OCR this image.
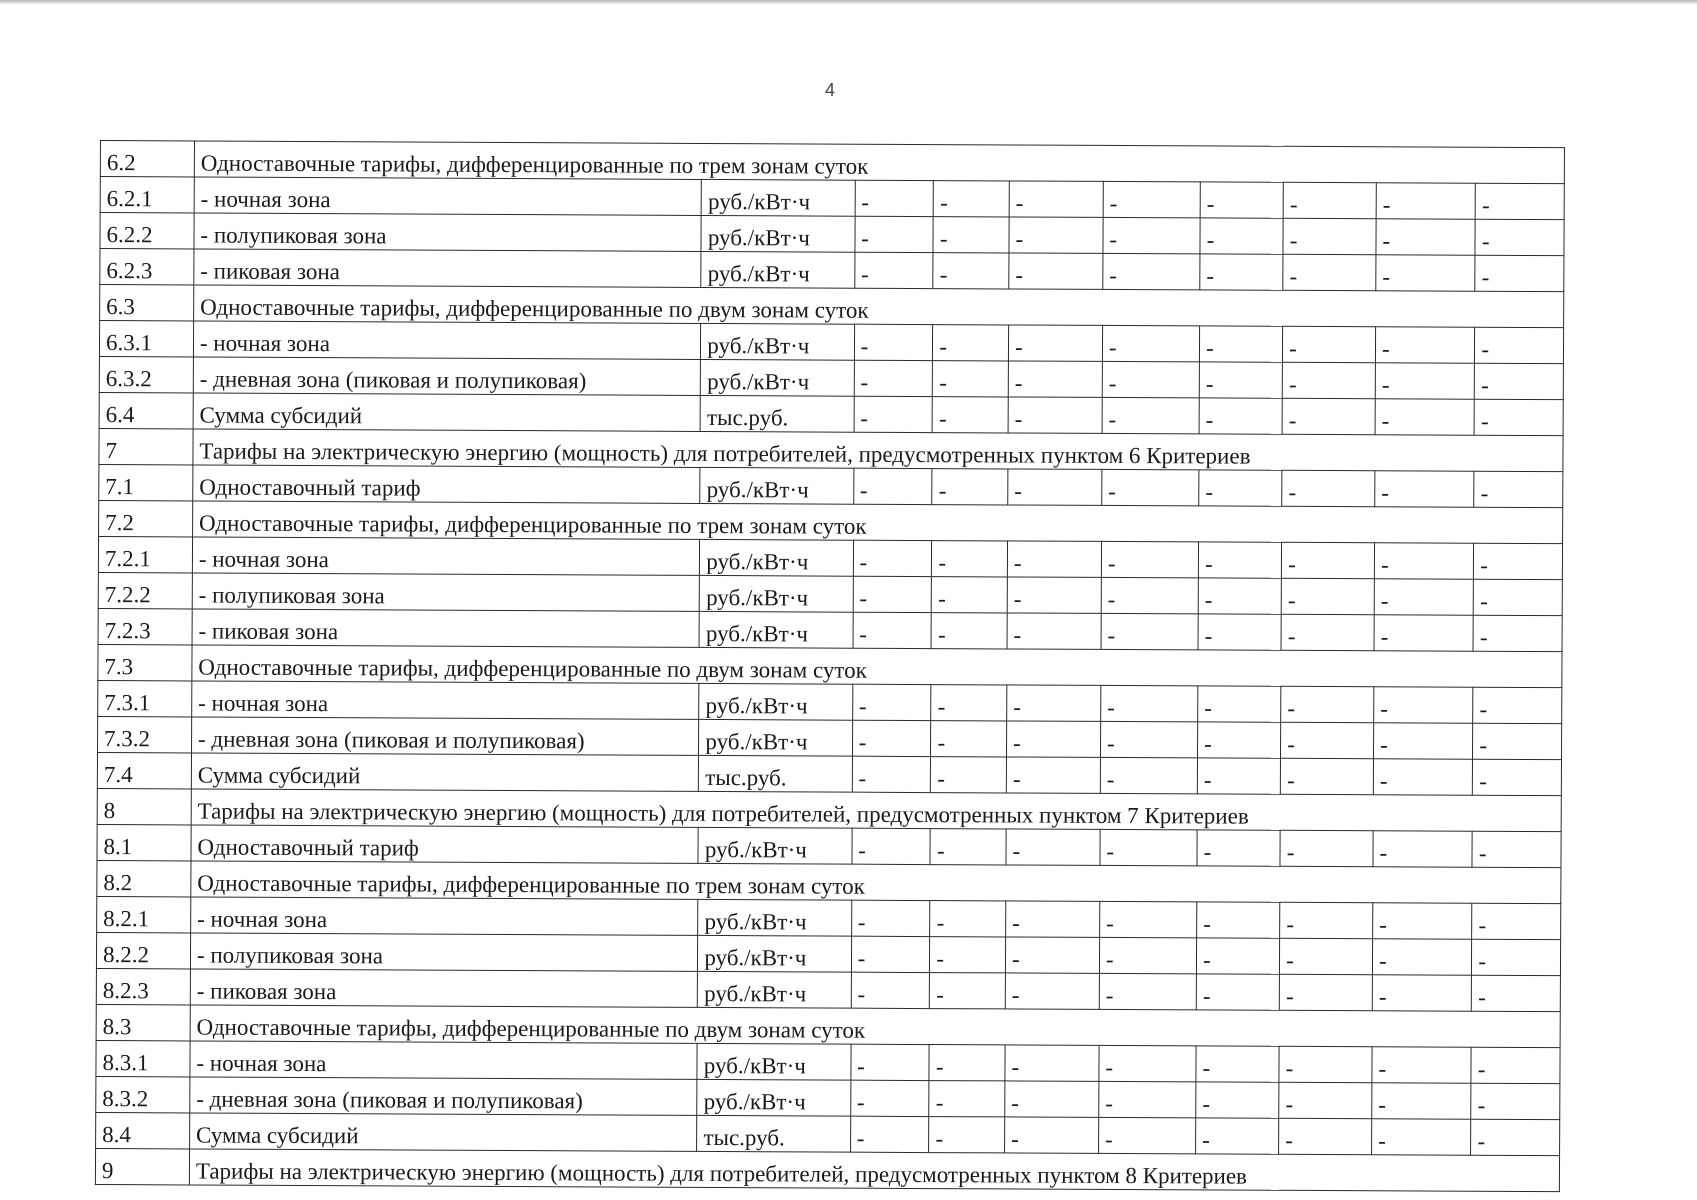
4
6.2	Одноставочные тарифы, дифференцированные по трем зонам суток									
6.2.1	- ночная зона	руб./кВт·ч	-	-	-	-	-	-	-	-
6.2.2	- полупиковая зона	руб./кВт·ч	-	-	-	-	-	-	-	-
6.2.3	- пиковая зона	руб./кВт·ч	-	-	-	-	-	-	-	-
6.3	Одноставочные тарифы, дифференцированные по двум зонам суток									
6.3.1	- ночная зона	руб./кВт·ч	-	-	-	-	-	-	-	-
6.3.2	- дневная зона (пиковая и полупиковая)	руб./кВт·ч	-	-	-	-	-	-	-	-
6.4	Сумма субсидий	тыс.руб.	-	-	-	-	-	-	-	-
7	Тарифы на электрическую энергию (мощность) для потребителей, предусмотренных пунктом 6 Критериев									
7.1	Одноставочный тариф	руб./кВт·ч	-	-	-	-	-	-	-	-
7.2	Одноставочные тарифы, дифференцированные по трем зонам суток									
7.2.1	- ночная зона	руб./кВт·ч	-	-	-	-	-	-	-	-
7.2.2	- полупиковая зона	руб./кВт·ч	-	-	-	-	-	-	-	-
7.2.3	- пиковая зона	руб./кВт·ч	-	-	-	-	-	-	-	-
7.3	Одноставочные тарифы, дифференцированные по двум зонам суток									
7.3.1	- ночная зона	руб./кВт·ч	-	-	-	-	-	-	-	-
7.3.2	- дневная зона (пиковая и полупиковая)	руб./кВт·ч	-	-	-	-	-	-	-	-
7.4	Сумма субсидий	тыс.руб.	-	-	-	-	-	-	-	-
8	Тарифы на электрическую энергию (мощность) для потребителей, предусмотренных пунктом 7 Критериев									
8.1	Одноставочный тариф	руб./кВт·ч	-	-	-	-	-	-	-	-
8.2	Одноставочные тарифы, дифференцированные по трем зонам суток									
8.2.1	- ночная зона	руб./кВт·ч	-	-	-	-	-	-	-	-
8.2.2	- полупиковая зона	руб./кВт·ч	-	-	-	-	-	-	-	-
8.2.3	- пиковая зона	руб./кВт·ч	-	-	-	-	-	-	-	-
8.3	Одноставочные тарифы, дифференцированные по двум зонам суток									
8.3.1	- ночная зона	руб./кВт·ч	-	-	-	-	-	-	-	-
8.3.2	- дневная зона (пиковая и полупиковая)	руб./кВт·ч	-	-	-	-	-	-	-	-
8.4	Сумма субсидий	тыс.руб.	-	-	-	-	-	-	-	-
9	Тарифы на электрическую энергию (мощность) для потребителей, предусмотренных пунктом 8 Критериев									
